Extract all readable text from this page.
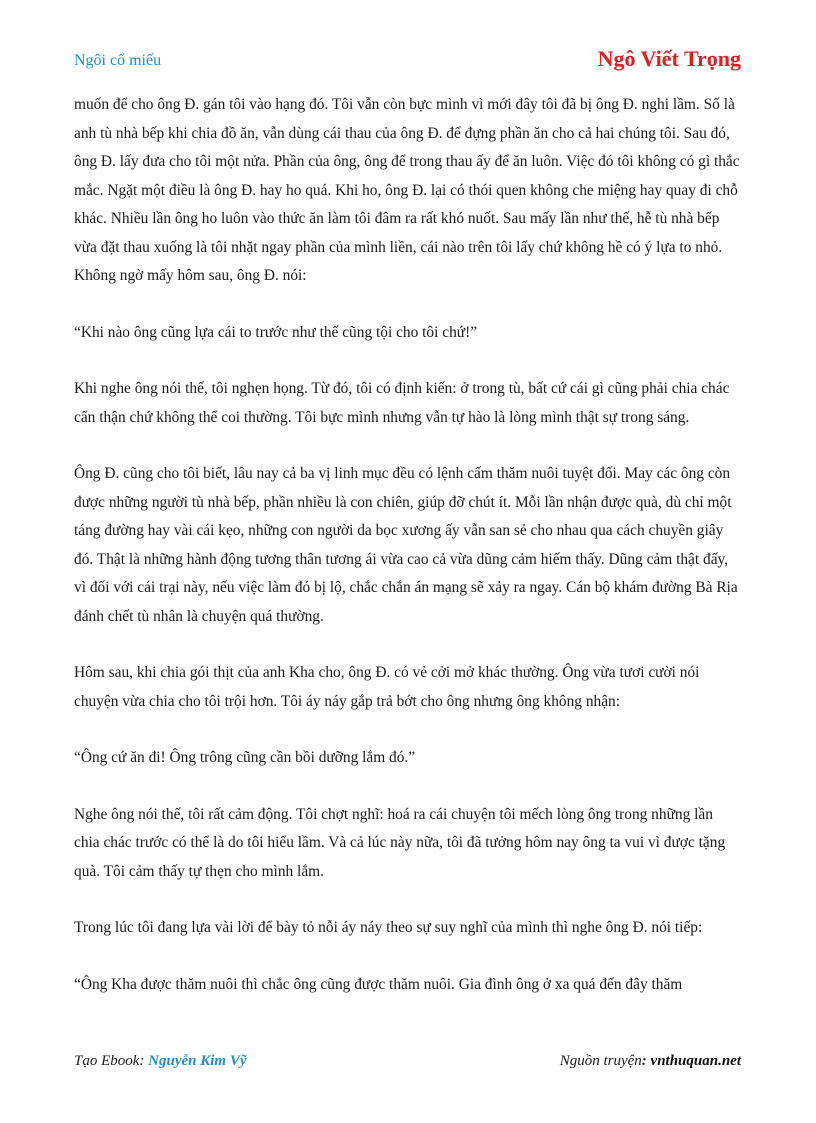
Ngôi cổ miếu	Ngô Viết Trọng

muốn để cho ông Đ. gán tôi vào hạng đó. Tôi vẫn còn bực mình vì mới đây tôi đã bị ông Đ. nghi lầm. Số là anh tù nhà bếp khi chia đồ ăn, vẫn dùng cái thau của ông Đ. để đựng phần ăn cho cả hai chúng tôi. Sau đó, ông Đ. lấy đưa cho tôi một nửa. Phần của ông, ông để trong thau ấy để ăn luôn. Việc đó tôi không có gì thắc mắc. Ngặt một điều là ông Đ. hay ho quá. Khi ho, ông Đ. lại có thói quen không che miệng hay quay đi chỗ khác. Nhiều lần ông ho luôn vào thức ăn làm tôi đâm ra rất khó nuốt. Sau mấy lần như thế, hễ tù nhà bếp vừa đặt thau xuống là tôi nhặt ngay phần của mình liền, cái nào trên tôi lấy chứ không hề có ý lựa to nhỏ. Không ngờ mấy hôm sau, ông Đ. nói:

“Khi nào ông cũng lựa cái to trước như thế cũng tội cho tôi chứ!”

Khi nghe ông nói thế, tôi nghẹn họng. Từ đó, tôi có định kiến: ở trong tù, bất cứ cái gì cũng phải chia chác cẩn thận chứ không thể coi thường. Tôi bực mình nhưng vẫn tự hào là lòng mình thật sự trong sáng.

Ông Đ. cũng cho tôi biết, lâu nay cả ba vị linh mục đều có lệnh cấm thăm nuôi tuyệt đối. May các ông còn được những người tù nhà bếp, phần nhiều là con chiên, giúp đỡ chút ít. Mỗi lần nhận được quà, dù chỉ một táng đường hay vài cái kẹo, những con người da bọc xương ấy vẫn san sẻ cho nhau qua cách chuyền giây đó. Thật là những hành động tương thân tương ái vừa cao cả vừa dũng cảm hiếm thấy. Dũng cảm thật đấy, vì đối với cái trại này, nếu việc làm đó bị lộ, chắc chắn án mạng sẽ xảy ra ngay. Cán bộ khám đường Bà Rịa đánh chết tù nhân là chuyện quá thường.

Hôm sau, khi chia gói thịt của anh Kha cho, ông Đ. có vẻ cởi mở khác thường. Ông vừa tươi cười nói chuyện vừa chia cho tôi trội hơn. Tôi áy náy gắp trả bớt cho ông nhưng ông không nhận:

“Ông cứ ăn đi! Ông trông cũng cần bồi dưỡng lắm đó.”

Nghe ông nói thế, tôi rất cảm động. Tôi chợt nghĩ: hoá ra cái chuyện tôi mếch lòng ông trong những lần chia chác trước có thể là do tôi hiểu lầm. Và cả lúc này nữa, tôi đã tưởng hôm nay ông ta vui vì được tặng quà. Tôi cảm thấy tự thẹn cho mình lắm.

Trong lúc tôi đang lựa vài lời để bày tỏ nỗi áy náy theo sự suy nghĩ của mình thì nghe ông Đ. nói tiếp:

“Ông Kha được thăm nuôi thì chắc ông cũng được thăm nuôi. Gia đình ông ở xa quá đến đây thăm

Tạo Ebook: Nguyễn Kim Vỹ	Nguồn truyện: vnthuquan.net
